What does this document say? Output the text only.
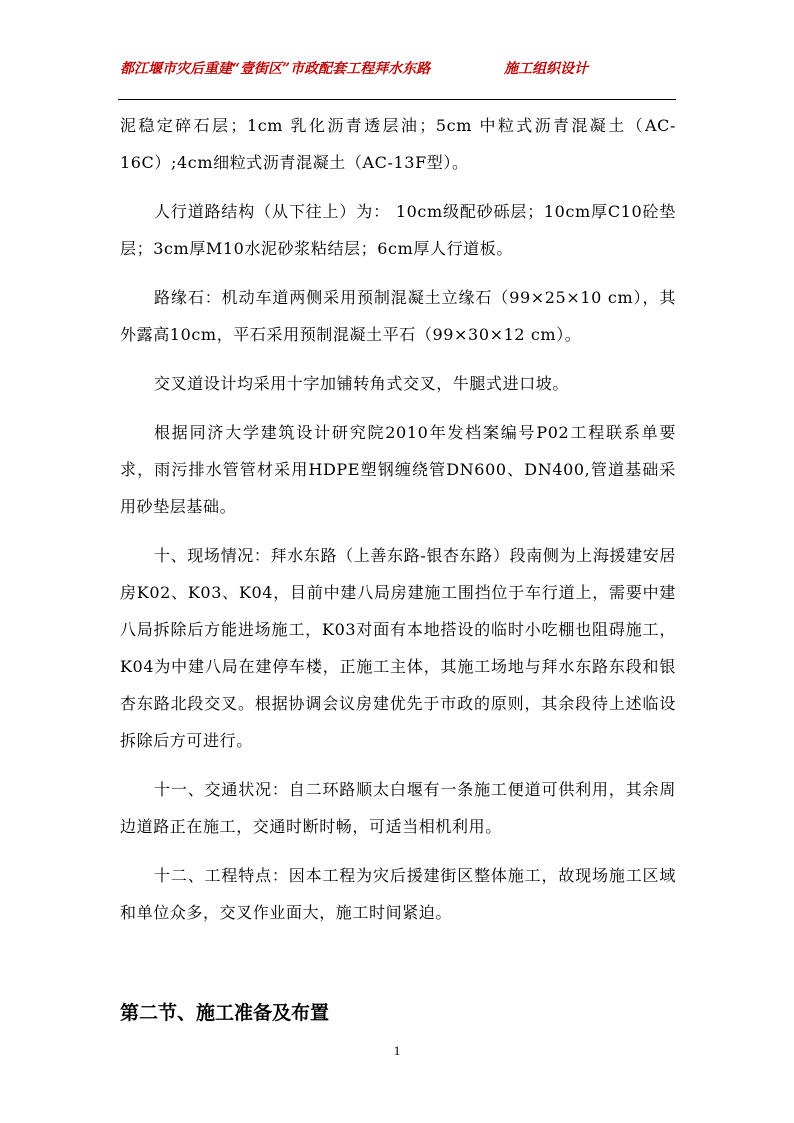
都江堰市灾后重建“壹街区”市政配套工程拜水东路	施工组织设计

泥稳定碎石层；1cm 乳化沥青透层油；5cm 中粒式沥青混凝土（AC-16C）;4cm细粒式沥青混凝土（AC-13F型）。

人行道路结构（从下往上）为： 10cm级配砂砾层；10cm厚C10砼垫层；3cm厚M10水泥砂浆粘结层；6cm厚人行道板。

路缘石：机动车道两侧采用预制混凝土立缘石（99×25×10 cm），其外露高10cm，平石采用预制混凝土平石（99×30×12 cm）。

交叉道设计均采用十字加铺转角式交叉，牛腿式进口坡。

根据同济大学建筑设计研究院2010年发档案编号P02工程联系单要求，雨污排水管管材采用HDPE塑钢缠绕管DN600、DN400,管道基础采用砂垫层基础。

十、现场情况：拜水东路（上善东路-银杏东路）段南侧为上海援建安居房K02、K03、K04，目前中建八局房建施工围挡位于车行道上，需要中建八局拆除后方能进场施工，K03对面有本地搭设的临时小吃棚也阻碍施工，K04为中建八局在建停车楼，正施工主体，其施工场地与拜水东路东段和银杏东路北段交叉。根据协调会议房建优先于市政的原则，其余段待上述临设拆除后方可进行。

十一、交通状况：自二环路顺太白堰有一条施工便道可供利用，其余周边道路正在施工，交通时断时畅，可适当相机利用。

十二、工程特点：因本工程为灾后援建街区整体施工，故现场施工区域和单位众多，交叉作业面大，施工时间紧迫。

第二节、施工准备及布置
1
